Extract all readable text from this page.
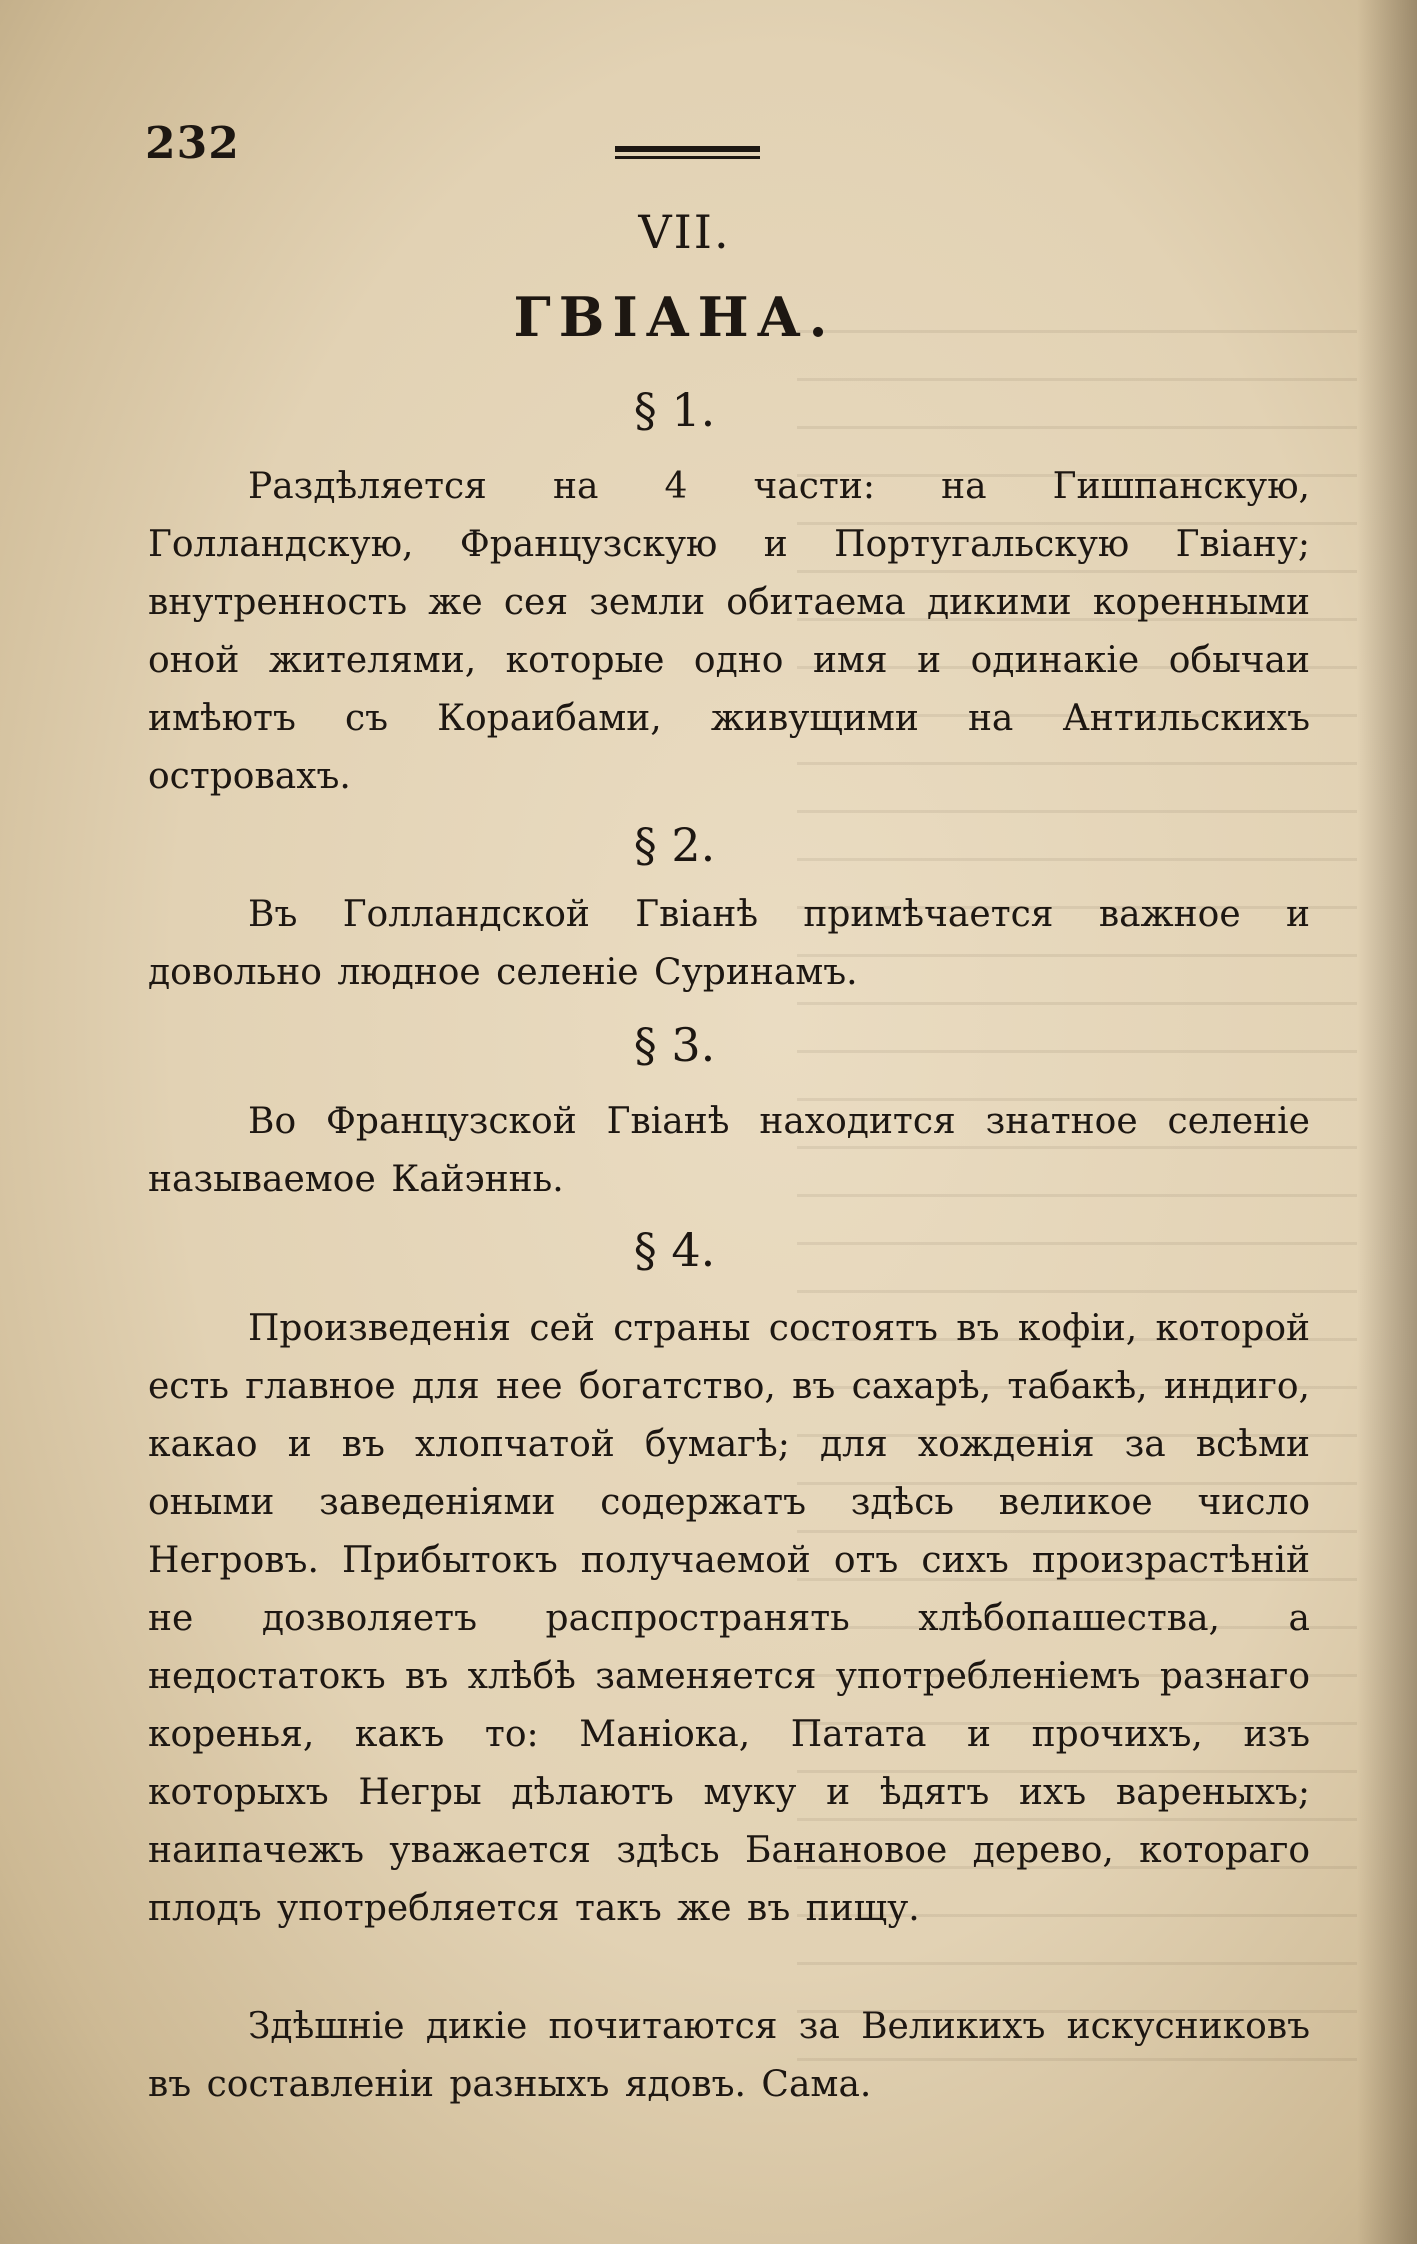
232
VII.
ГВIАНА.
§ 1.
Раздѣляется на 4 части: на Гишпанскую, Голландскую, Французскую и Португальскую Гвiану; внутренность же сея земли обитаема дикими коренными оной жителями, которые одно имя и одинакiе обычаи имѣютъ съ Кораибами, живущими на Антильскихъ островахъ.
§ 2.
Въ Голландской Гвiанѣ примѣчается важное и довольно людное селенiе Суринамъ.
§ 3.
Во Французской Гвiанѣ находится знатное селенiе называемое Кайэннь.
§ 4.
Произведенiя сей страны состоятъ въ кофiи, которой есть главное для нее богатство, въ сахарѣ, табакѣ, индиго, какао и въ хлопчатой бумагѣ; для хожденiя за всѣми оными заведенiями содержатъ здѣсь великое число Негровъ. Прибытокъ получаемой отъ сихъ произрастѣнiй не дозволяетъ распространять хлѣбопашества, а недостатокъ въ хлѣбѣ заменяется употребленiемъ разнаго коренья, какъ то: Маніока, Патата и прочихъ, изъ которыхъ Негры дѣлаютъ муку и ѣдятъ ихъ вареныхъ; наипачежъ уважается здѣсь Банановое дерево, котораго плодъ употребляется такъ же въ пищу.
Здѣшнiе дикiе почитаются за Великихъ искусниковъ въ составленiи разныхъ ядовъ. Сама.
